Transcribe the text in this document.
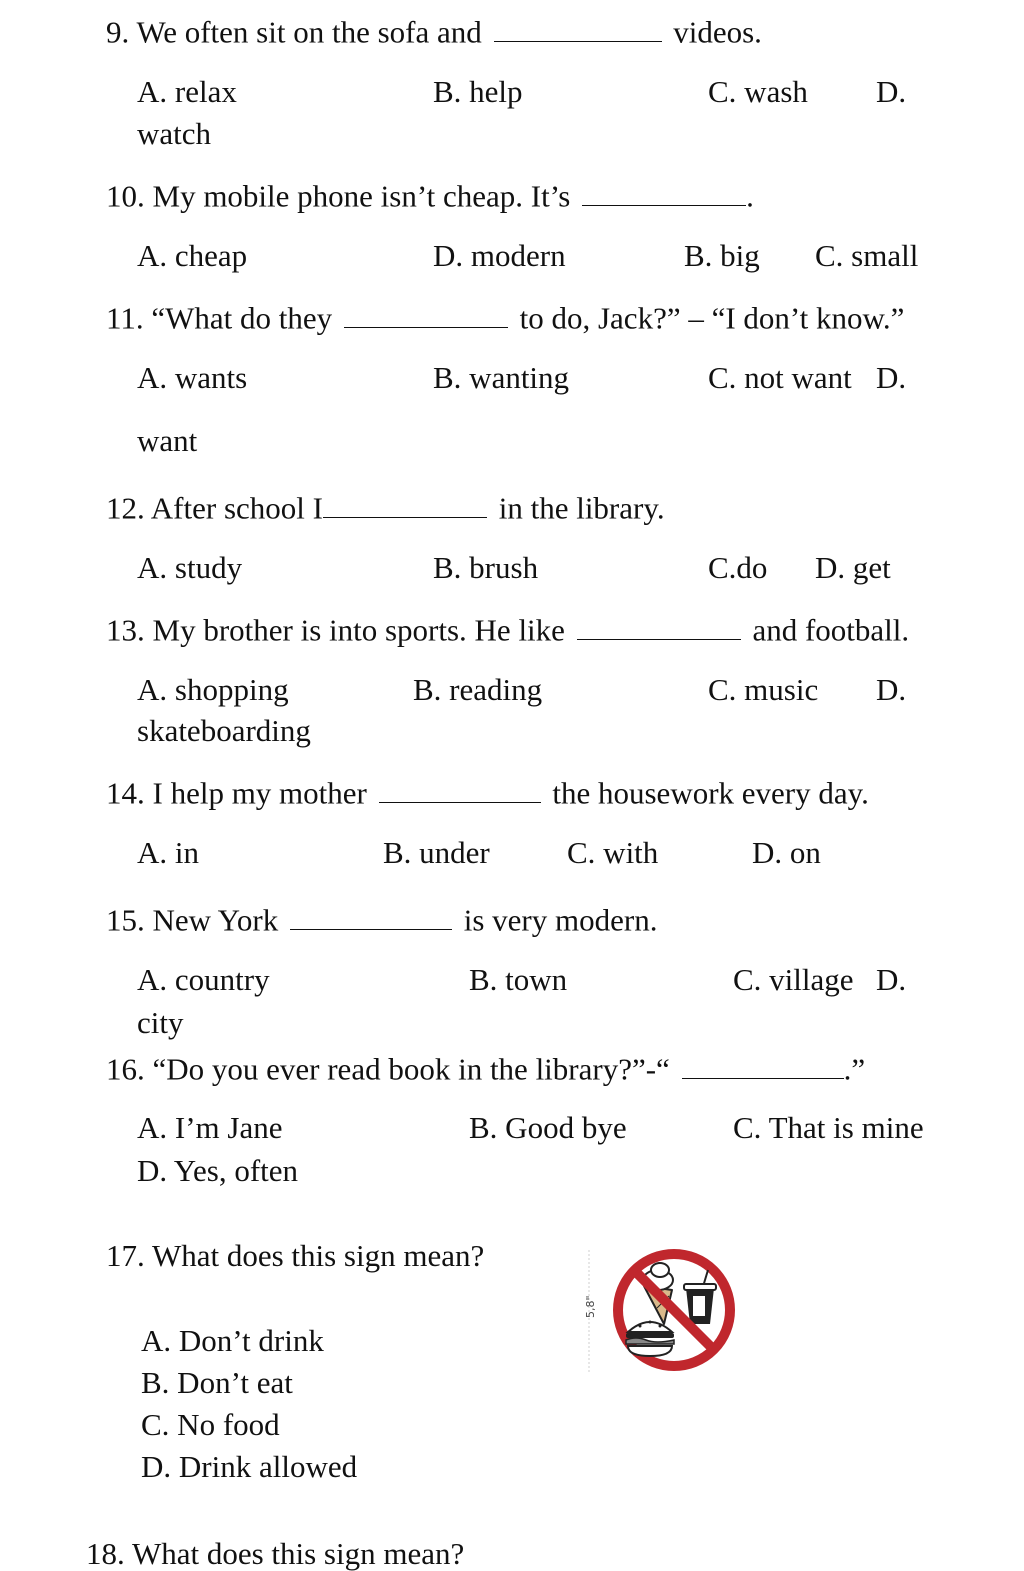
9. We often sit on the sofa and	videos.
A. relax	B. help	C. wash D.
watch
10. My mobile phone isn’t cheap. It’s	.
A. cheap	D. modern	B. big C. small
11. “What do they	to do, Jack?” – “I don’t know.”
A. wants	B. wanting	C. not want D.
want
12. After school I	in the library.
A. study	B. brush	C.do D. get
13. My brother is into sports. He like	and football.
A. shopping	B. reading	C. music D.
skateboarding
14. I help my mother	the housework every day.
A. in	B. under C. with	D. on
15. New York	is very modern.
A. country	B. town	C. village D.
city
16. “Do you ever read book in the library?”-“	.”
A. I’m Jane	B. Good bye	C. That is mine
D. Yes, often
17. What does this sign mean?
A. Don’t drink
B. Don’t eat
C. No food
D. Drink allowed
5,8"
18. What does this sign mean?
